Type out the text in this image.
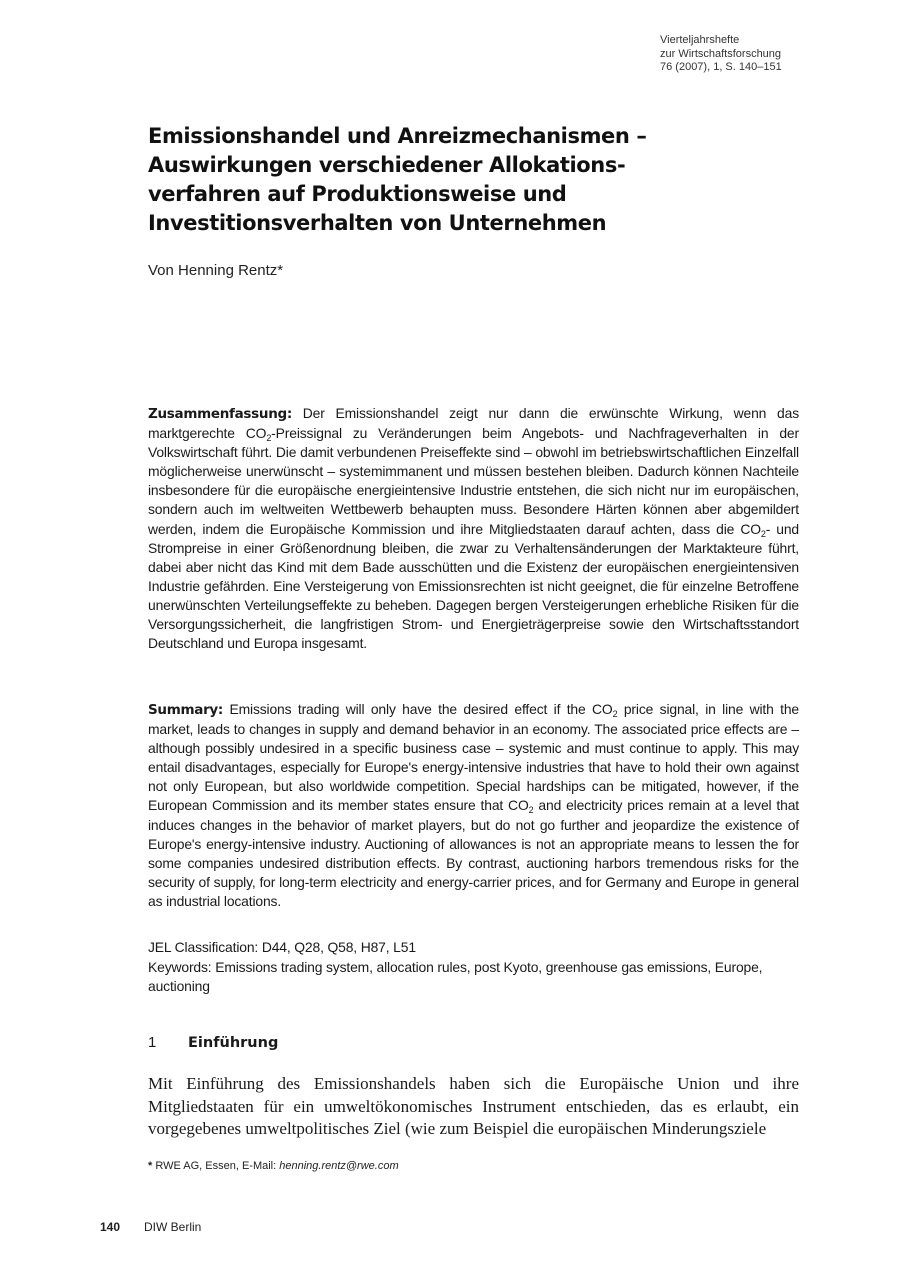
Vierteljahrshefte
zur Wirtschaftsforschung
76 (2007), 1, S. 140–151
Emissionshandel und Anreizmechanismen –
Auswirkungen verschiedener Allokations-
verfahren auf Produktionsweise und
Investitionsverhalten von Unternehmen
Von Henning Rentz*
Zusammenfassung: Der Emissionshandel zeigt nur dann die erwünschte Wirkung, wenn das marktgerechte $CO_2$-Preissignal zu Veränderungen beim Angebots- und Nachfrageverhalten in der Volkswirtschaft führt. Die damit verbundenen Preiseffekte sind – obwohl im betriebswirtschaftlichen Einzelfall möglicherweise unerwünscht – systemimmanent und müssen bestehen bleiben. Dadurch können Nachteile insbesondere für die europäische energieintensive Industrie entstehen, die sich nicht nur im europäischen, sondern auch im weltweiten Wettbewerb behaupten muss. Besondere Härten können aber abgemildert werden, indem die Europäische Kommission und ihre Mitgliedstaaten darauf achten, dass die $CO_2-$ und Strompreise in einer Größenordnung bleiben, die zwar zu Verhaltensänderungen der Marktakteure führt, dabei aber nicht das Kind mit dem Bade ausschütten und die Existenz der europäischen energieintensiven Industrie gefährden. Eine Versteigerung von Emissionsrechten ist nicht geeignet, die für einzelne Betroffene unerwünschten Verteilungseffekte zu beheben. Dagegen bergen Versteigerungen erhebliche Risiken für die Versorgungssicherheit, die langfristigen Strom- und Energieträgerpreise sowie den Wirtschaftsstandort Deutschland und Europa insgesamt.
Summary: Emissions trading will only have the desired effect if the $CO_2$ price signal, in line with the market, leads to changes in supply and demand behavior in an economy. The associated price effects are – although possibly undesired in a specific business case – systemic and must continue to apply. This may entail disadvantages, especially for Europe's energy-intensive industries that have to hold their own against not only European, but also worldwide competition. Special hardships can be mitigated, however, if the European Commission and its member states ensure that $CO_2$ and electricity prices remain at a level that induces changes in the behavior of market players, but do not go further and jeopardize the existence of Europe's energy-intensive industry. Auctioning of allowances is not an appropriate means to lessen the for some companies undesired distribution effects. By contrast, auctioning harbors tremendous risks for the security of supply, for long-term electricity and energy-carrier prices, and for Germany and Europe in general as industrial locations.
JEL Classification: D44, Q28, Q58, H87, L51
Keywords: Emissions trading system, allocation rules, post Kyoto, greenhouse gas emissions, Europe, auctioning
1 Einführung

Mit Einführung des Emissionshandels haben sich die Europäische Union und ihre Mitgliedstaaten für ein umweltökonomisches Instrument entschieden, das es erlaubt, ein vorgegebenes umweltpolitisches Ziel (wie zum Beispiel die europäischen Minderungsziele

* RWE AG, Essen, E-Mail: henning.rentz@rwe.com
140 DIW Berlin
